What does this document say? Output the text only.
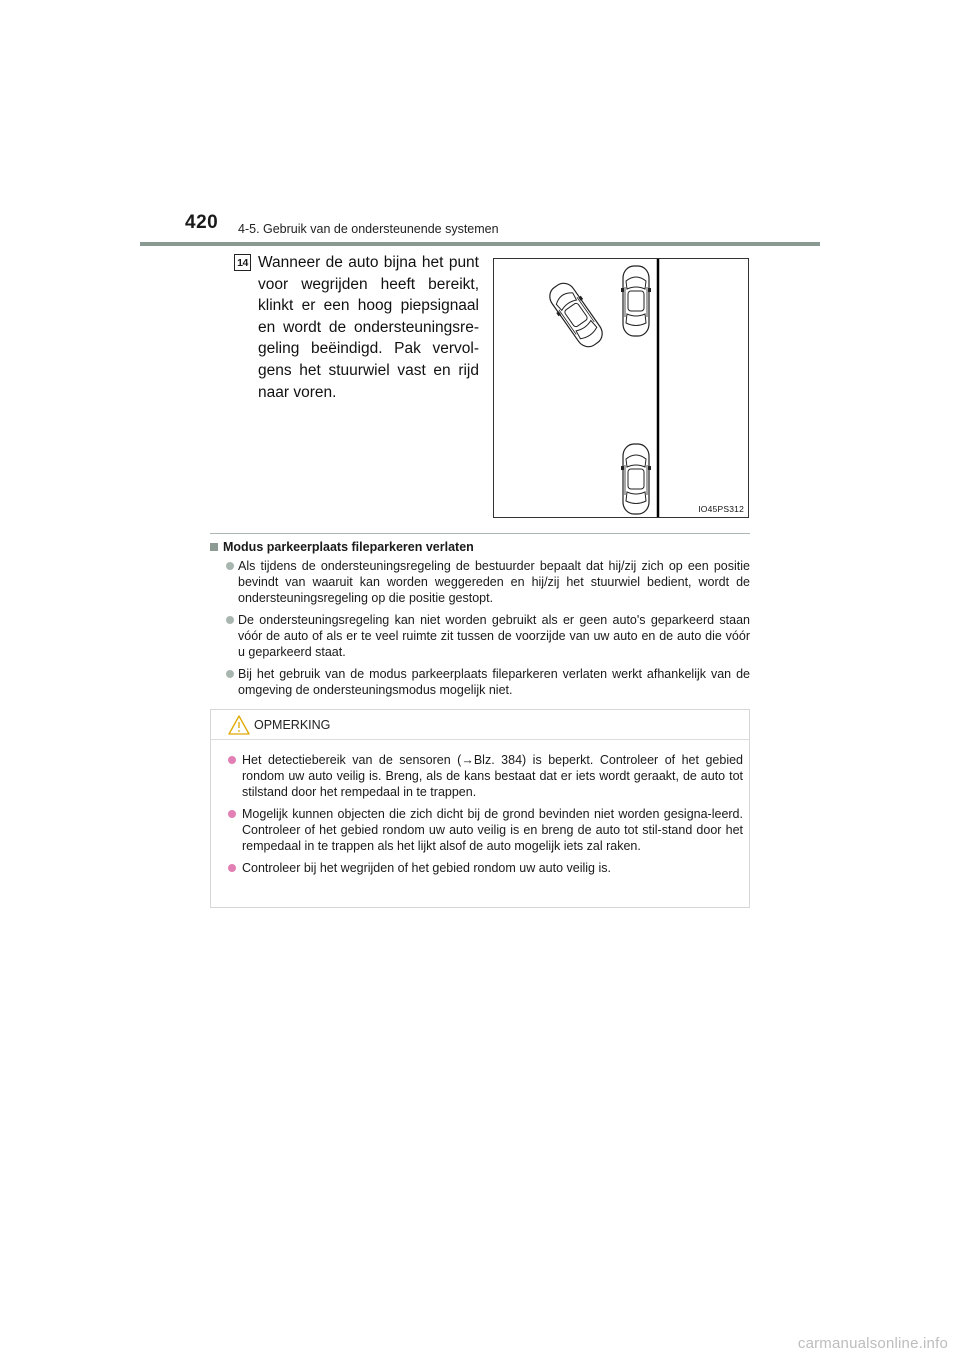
420 4-5. Gebruik van de ondersteunende systemen
14 Wanneer de auto bijna het punt voor wegrijden heeft bereikt, klinkt er een hoog piepsignaal en wordt de ondersteuningsre-geling beëindigd. Pak vervol-gens het stuurwiel vast en rijd naar voren.
IO45PS312
Modus parkeerplaats fileparkeren verlaten
Als tijdens de ondersteuningsregeling de bestuurder bepaalt dat hij/zij zich op een positie bevindt van waaruit kan worden weggereden en hij/zij het stuurwiel bedient, wordt de ondersteuningsregeling op die positie gestopt.
De ondersteuningsregeling kan niet worden gebruikt als er geen auto's geparkeerd staan vóór de auto of als er te veel ruimte zit tussen de voorzijde van uw auto en de auto die vóór u geparkeerd staat.
Bij het gebruik van de modus parkeerplaats fileparkeren verlaten werkt afhankelijk van de omgeving de ondersteuningsmodus mogelijk niet.
OPMERKING
Het detectiebereik van de sensoren (→Blz. 384) is beperkt. Controleer of het gebied rondom uw auto veilig is. Breng, als de kans bestaat dat er iets wordt geraakt, de auto tot stilstand door het rempedaal in te trappen.
Mogelijk kunnen objecten die zich dicht bij de grond bevinden niet worden gesigna-leerd. Controleer of het gebied rondom uw auto veilig is en breng de auto tot stil-stand door het rempedaal in te trappen als het lijkt alsof de auto mogelijk iets zal raken.
Controleer bij het wegrijden of het gebied rondom uw auto veilig is.
carmanualsonline.info
